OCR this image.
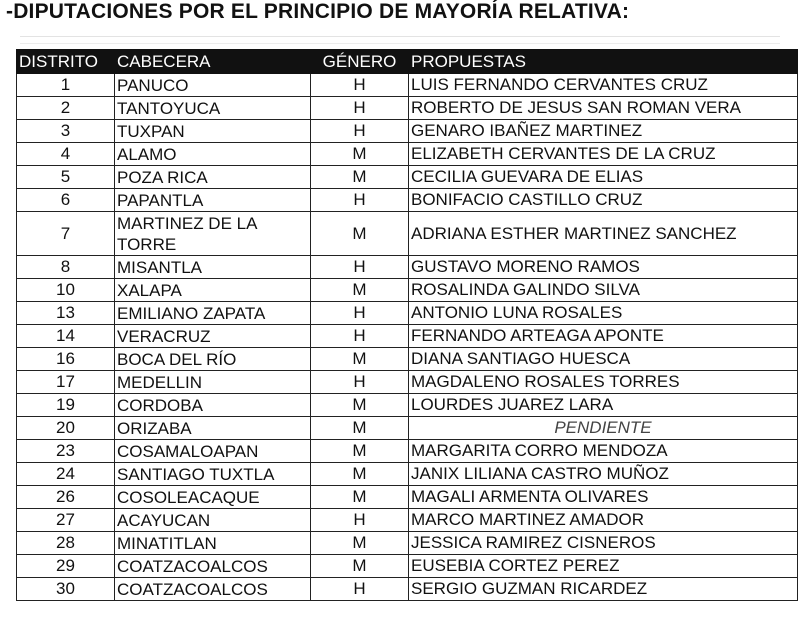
-DIPUTACIONES POR EL PRINCIPIO DE MAYORÍA RELATIVA:
DISTRITO	CABECERA	GÉNERO	PROPUESTAS
1	PANUCO	H	LUIS FERNANDO CERVANTES CRUZ
2	TANTOYUCA	H	ROBERTO DE JESUS SAN ROMAN VERA
3	TUXPAN	H	GENARO IBAÑEZ MARTINEZ
4	ALAMO	M	ELIZABETH CERVANTES DE LA CRUZ
5	POZA RICA	M	CECILIA GUEVARA DE ELIAS
6	PAPANTLA	H	BONIFACIO CASTILLO CRUZ
7	MARTINEZ DE LA TORRE	M	ADRIANA ESTHER MARTINEZ SANCHEZ
8	MISANTLA	H	GUSTAVO MORENO RAMOS
10	XALAPA	M	ROSALINDA GALINDO SILVA
13	EMILIANO ZAPATA	H	ANTONIO LUNA ROSALES
14	VERACRUZ	H	FERNANDO ARTEAGA APONTE
16	BOCA DEL RÍO	M	DIANA SANTIAGO HUESCA
17	MEDELLIN	H	MAGDALENO ROSALES TORRES
19	CORDOBA	M	LOURDES JUAREZ LARA
20	ORIZABA	M	PENDIENTE
23	COSAMALOAPAN	M	MARGARITA CORRO MENDOZA
24	SANTIAGO TUXTLA	M	JANIX LILIANA CASTRO MUÑOZ
26	COSOLEACAQUE	M	MAGALI ARMENTA OLIVARES
27	ACAYUCAN	H	MARCO MARTINEZ AMADOR
28	MINATITLAN	M	JESSICA RAMIREZ CISNEROS
29	COATZACOALCOS	M	EUSEBIA CORTEZ PEREZ
30	COATZACOALCOS	H	SERGIO GUZMAN RICARDEZ
